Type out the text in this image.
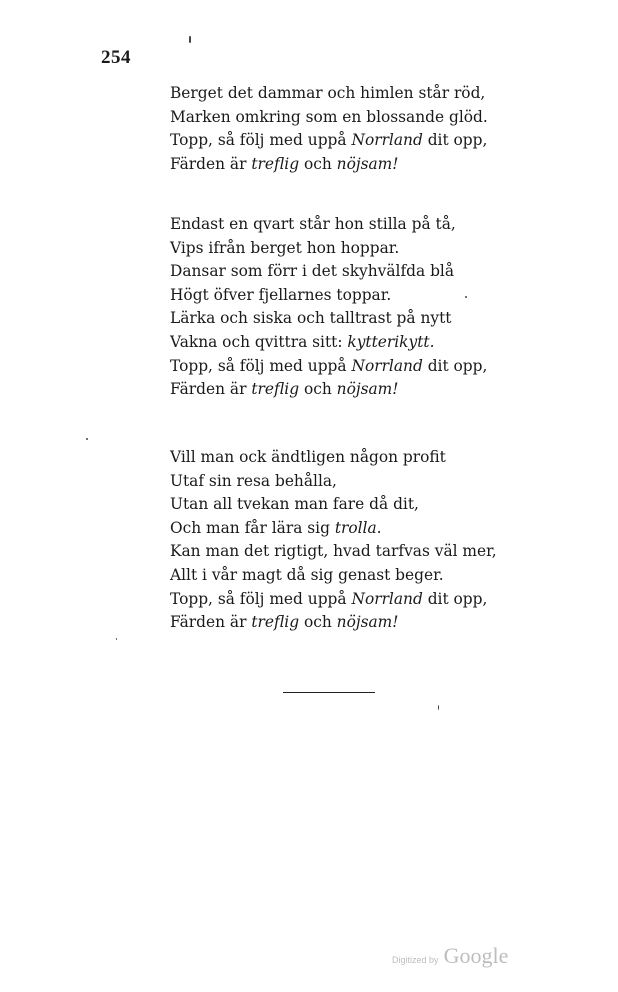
254
Berget det dammar och himlen står röd,
Marken omkring som en blossande glöd.
Topp, så följ med uppå Norrland dit opp,
Färden är treflig och nöjsam!
Endast en qvart står hon stilla på tå,
Vips ifrån berget hon hoppar.
Dansar som förr i det skyhvälfda blå
Högt öfver fjellarnes toppar.
Lärka och siska och talltrast på nytt
Vakna och qvittra sitt: kytterikytt.
Topp, så följ med uppå Norrland dit opp,
Färden är treflig och nöjsam!
Vill man ock ändtligen någon profit
Utaf sin resa behålla,
Utan all tvekan man fare då dit,
Och man får lära sig trolla.
Kan man det rigtigt, hvad tarfvas väl mer,
Allt i vår magt då sig genast beger.
Topp, så följ med uppå Norrland dit opp,
Färden är treflig och nöjsam!
Digitized by Google
